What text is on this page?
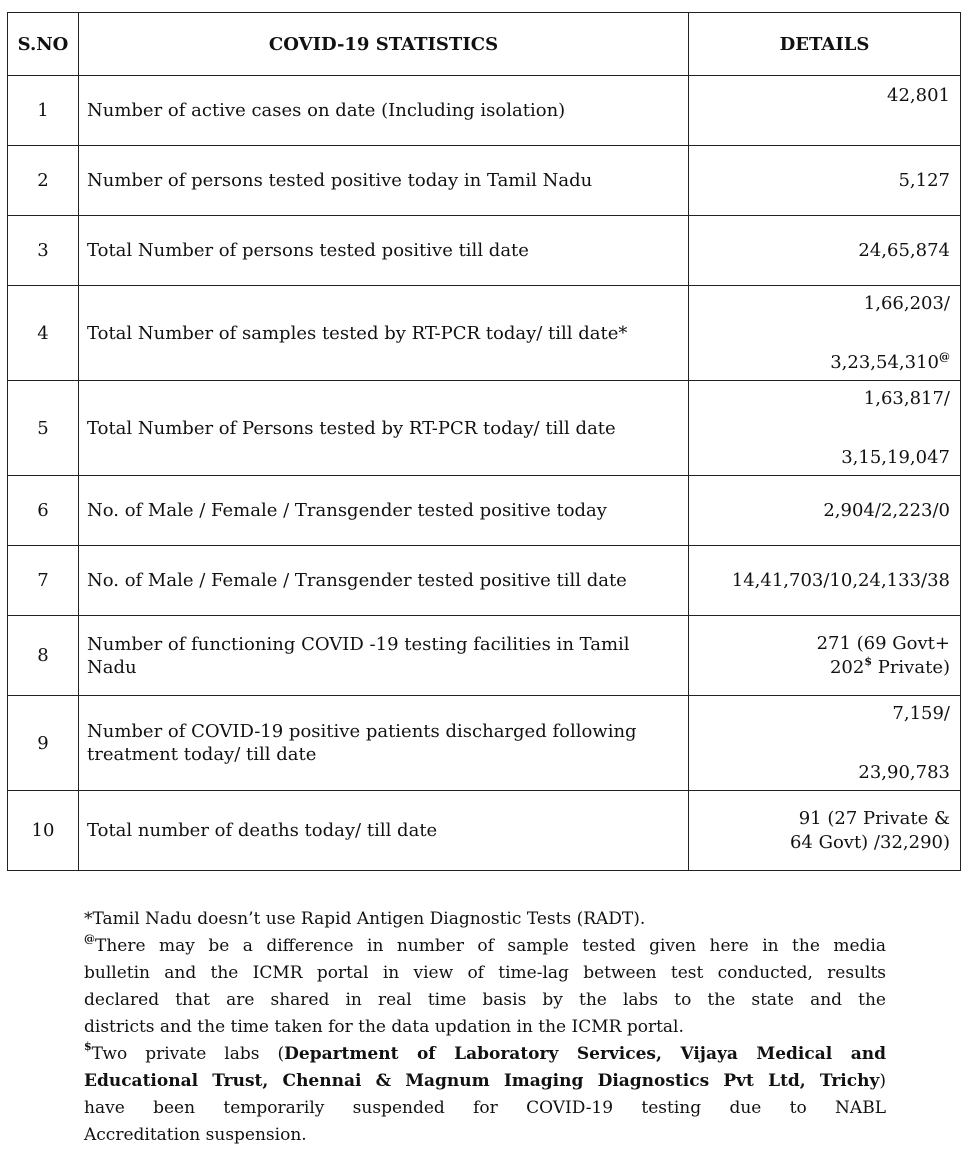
S.NO	COVID-19 STATISTICS	DETAILS
1	Number of active cases on date (Including isolation)	42,801
2	Number of persons tested positive today in Tamil Nadu	5,127
3	Total Number of persons tested positive till date	24,65,874
4	Total Number of samples tested by RT-PCR today/ till date*	1,66,203/
3,23,54,310@

5	Total Number of Persons tested by RT-PCR today/ till date	1,63,817/
3,15,19,047

6	No. of Male / Female / Transgender tested positive today	2,904/2,223/0
7	No. of Male / Female / Transgender tested positive till date	14,41,703/10,24,133/38
8	Number of functioning COVID -19 testing facilities in Tamil Nadu	271 (69 Govt+
202$ Private)

9	Number of COVID-19 positive patients discharged following treatment today/ till date	7,159/
23,90,783

10	Total number of deaths today/ till date	91 (27 Private &
64 Govt) /32,290)

*Tamil Nadu doesn’t use Rapid Antigen Diagnostic Tests (RADT).

@There may be a difference in number of sample tested given here in the media
bulletin and the ICMR portal in view of time-lag between test conducted, results
declared that are shared in real time basis by the labs to the state and the
districts and the time taken for the data updation in the ICMR portal.

$Two private labs (Department of Laboratory Services, Vijaya Medical and
Educational Trust, Chennai & Magnum Imaging Diagnostics Pvt Ltd, Trichy)
have been temporarily suspended for COVID-19 testing due to NABL
Accreditation suspension.
